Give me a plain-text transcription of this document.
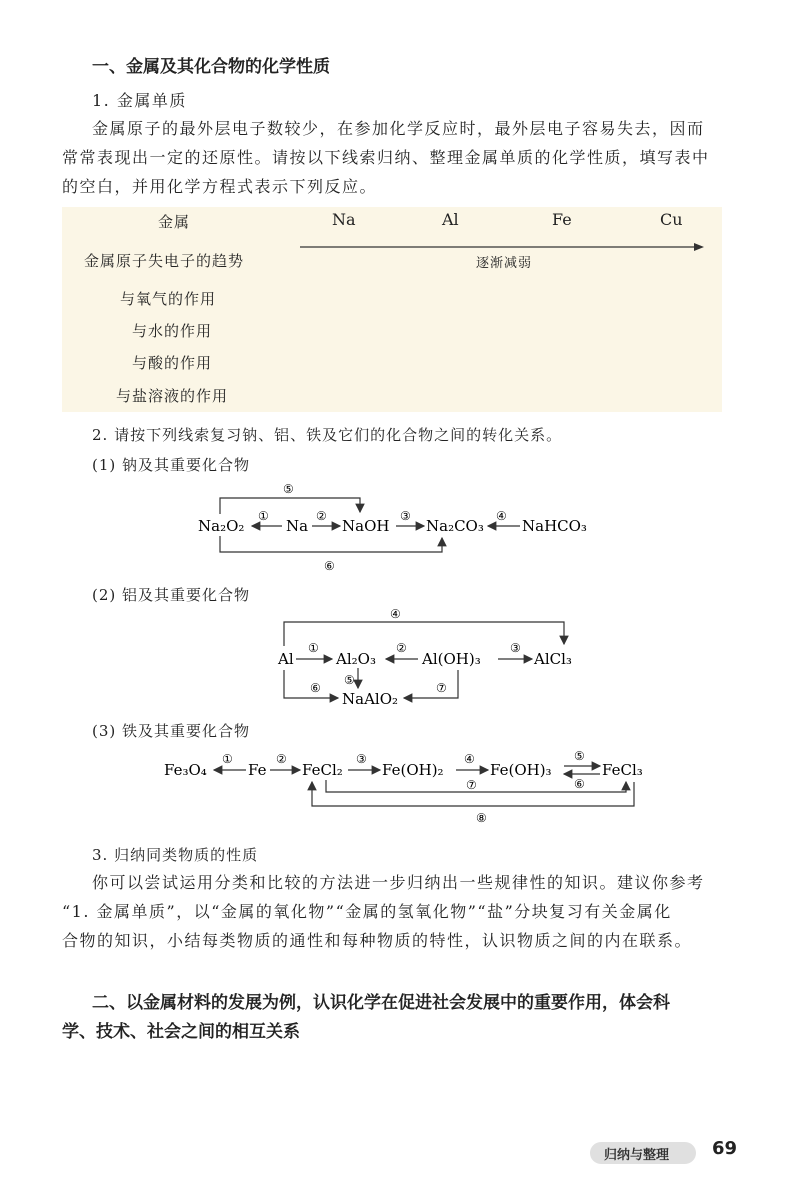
一、金属及其化合物的化学性质
1. 金属单质
金属原子的最外层电子数较少，在参加化学反应时，最外层电子容易失去，因而
常常表现出一定的还原性。请按以下线索归纳、整理金属单质的化学性质，填写表中
的空白，并用化学方程式表示下列反应。
金属	Na	Al	Fe	Cu
金属原子失电子的趋势	逐渐减弱
与氧气的作用
与水的作用
与酸的作用
与盐溶液的作用
2. 请按下列线索复习钠、铝、铁及它们的化合物之间的转化关系。
(1) 钠及其重要化合物
Na₂O₂	Na NaOH Na₂CO₃	NaHCO₃
①	②	③	④
⑤
⑥
(2) 铝及其重要化合物
Al	Al₂O₃	Al(OH)₃	AlCl₃
NaAlO₂
①	②	③
④
⑤
⑥	⑦
(3) 铁及其重要化合物
Fe₃O₄	Fe FeCl₂	Fe(OH)₂	Fe(OH)₃	FeCl₃
①	②	③	④	⑤
⑥
⑦
⑧
3. 归纳同类物质的性质
你可以尝试运用分类和比较的方法进一步归纳出一些规律性的知识。建议你参考
“1. 金属单质”，以“金属的氧化物”“金属的氢氧化物”“盐”分块复习有关金属化
合物的知识，小结每类物质的通性和每种物质的特性，认识物质之间的内在联系。
二、以金属材料的发展为例，认识化学在促进社会发展中的重要作用，体会科
学、技术、社会之间的相互关系
归纳与整理 69
